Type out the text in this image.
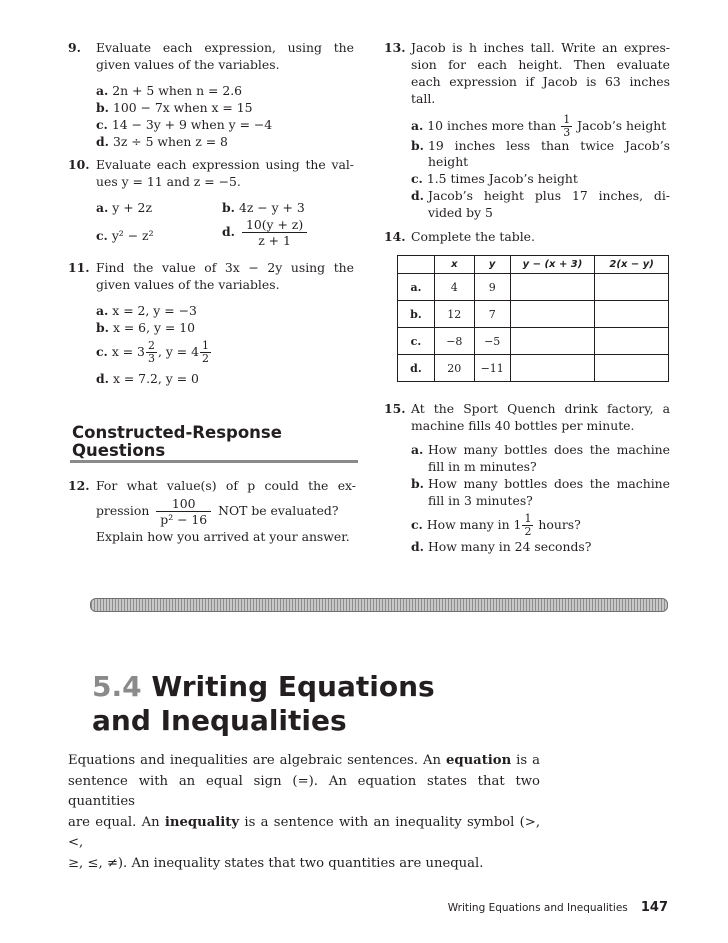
9. Evaluate each expression, using the
given values of the variables.
a. 2n + 5 when n = 2.6
b. 100 − 7x when x = 15
c. 14 − 3y + 9 when y = −4
d. 3z ÷ 5 when z = 8
10. Evaluate each expression using the val-
ues y = 11 and z = −5.
a. y + 2z	b. 4z − y + 3
c. y² − z²	d. $\frac{10(y + z)}{z + 1}$
11. Find the value of 3x − 2y using the
given values of the variables.
a. x = 2, y = −3
b. x = 6, y = 10
c. $x = 3 \frac{2}{3}$ , $y = 4 \frac{1}{2}$
d. x = 7.2, y = 0
Constructed-Response
Questions
12. For what value(s) of p could the ex-
pression $\frac{100}{\text{p² − 16}}$ NOT be evaluated?
Explain how you arrived at your answer.
13. Jacob is h inches tall. Write an expres-
sion for each height. Then evaluate
each expression if Jacob is 63 inches
tall.
a. 10 inches more than $\frac{1}{3}$ Jacob’s height
b. 19 inches less than twice Jacob’s
height
c. 1.5 times Jacob’s height
d. Jacob’s height plus 17 inches, di-
vided by 5
14. Complete the table.
	x	y	y − (x + 3)	2(x − y)
a.	4	9		
b.	12	7		
c.	−8	−5		
d.	20	−11		
15. At the Sport Quench drink factory, a
machine fills 40 bottles per minute.
a. How many bottles does the machine
fill in m minutes?
b. How many bottles does the machine
fill in 3 minutes?
c. How many in $1 \frac{1}{2}$ hours?
d. How many in 24 seconds?
5.4 Writing Equations
and Inequalities
Equations and inequalities are algebraic sentences. An equation is a
sentence with an equal sign (=). An equation states that two quantities
are equal. An inequality is a sentence with an inequality symbol (>, <,
≥, ≤, ≠). An inequality states that two quantities are unequal.
Writing Equations and Inequalities 147
